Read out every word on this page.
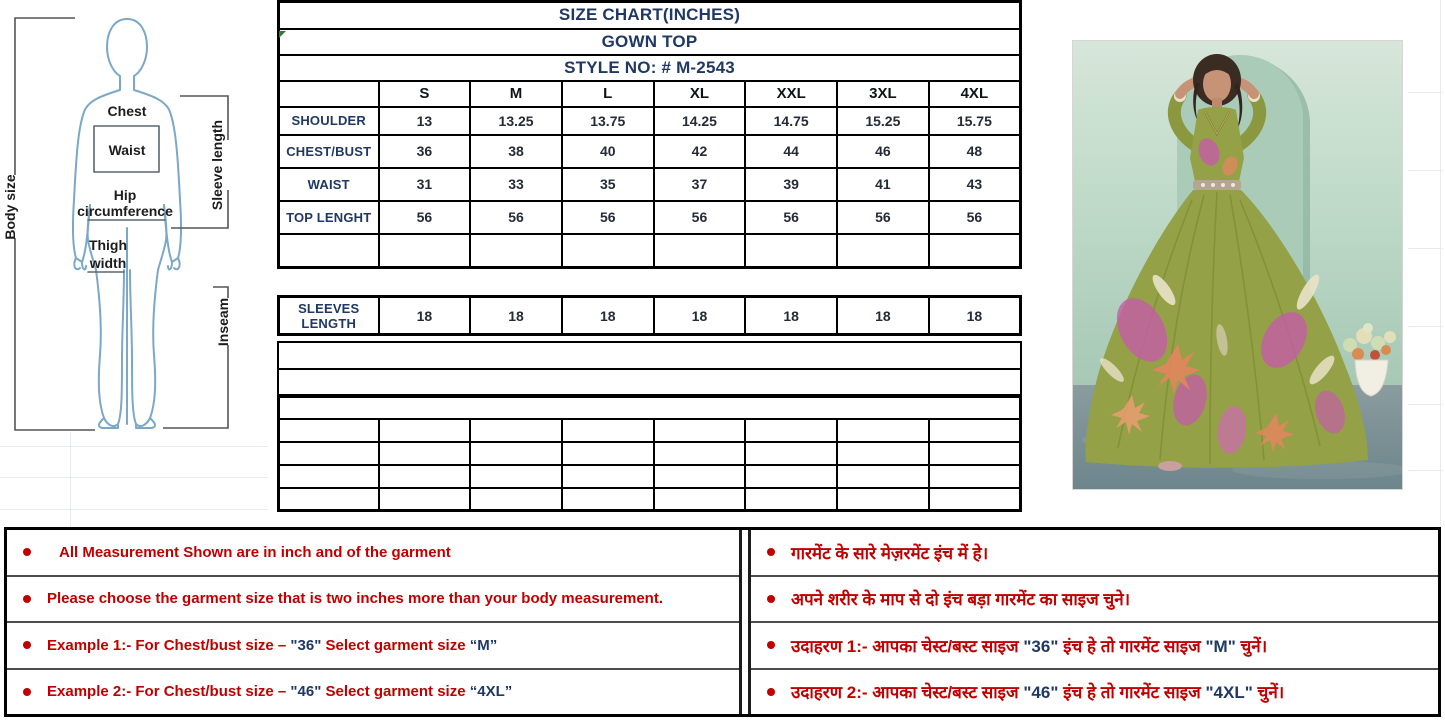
Chest
Waist
Hip
circumference
Thigh
width
Body size	Sleeve length
Inseam
SIZE CHART(INCHES)							
GOWN TOP							
STYLE NO: # M-2543							
	S	M	L	XL	XXL	3XL	4XL
SHOULDER	13	13.25	13.75	14.25	14.75	15.25	15.75
CHEST/BUST	36	38	40	42	44	46	48
WAIST	31	33	35	37	39	41	43
TOP LENGHT	56	56	56	56	56	56	56

SLEEVES LENGTH	18	18	18	18	18	18	18

All Measurement Shown are in inch and of the garment
Please choose the garment size that is two inches more than your body measurement.
Example 1:- For Chest/bust size – "36" Select garment size “M”
Example 2:- For Chest/bust size – "46" Select garment size “4XL”
गारमेंट के सारे मेज़रमेंट इंच में हे।
अपने शरीर के माप से दो इंच बड़ा गारमेंट का साइज चुने।
उदाहरण 1:- आपका चेस्ट/बस्ट साइज "36" इंच हे तो गारमेंट साइज "M" चुनें।
उदाहरण 2:- आपका चेस्ट/बस्ट साइज "46" इंच हे तो गारमेंट साइज "4XL" चुनें।
